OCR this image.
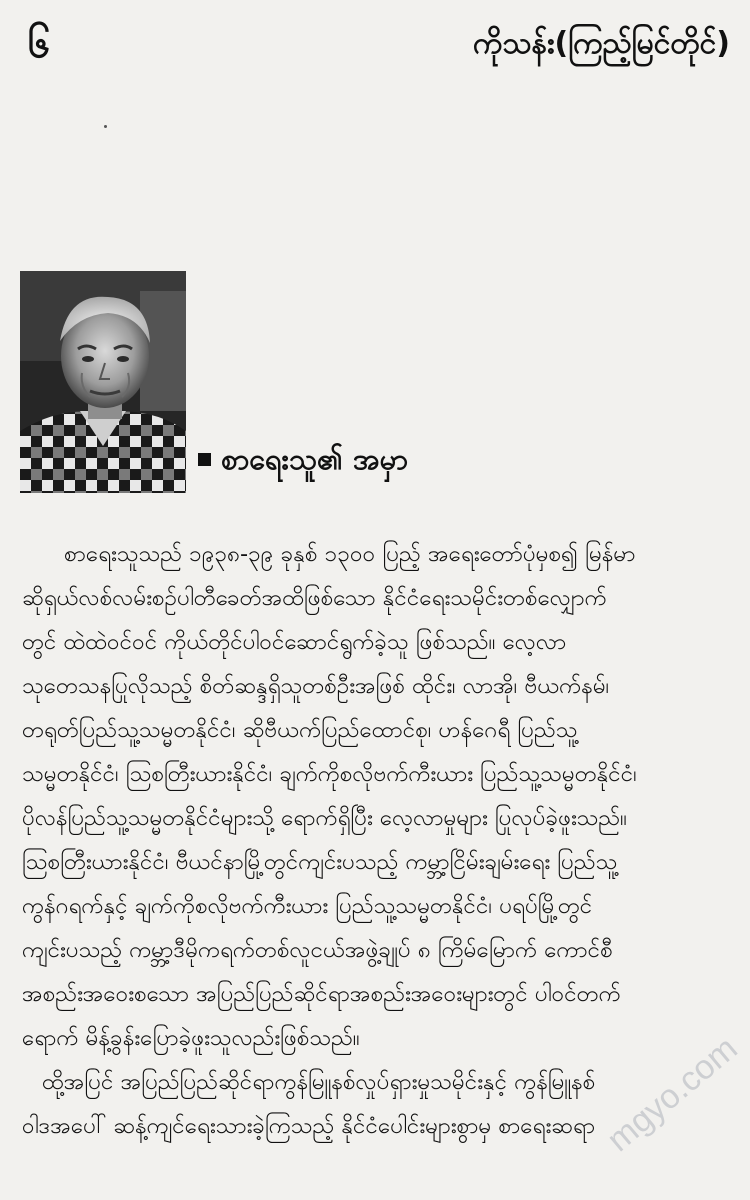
၆	ကိုသန်း(ကြည့်မြင်တိုင်)
စာရေးသူ၏ အမှာ
စာရေးသူသည် ၁၉၃၈-၃၉ ခုနှစ် ၁၃၀၀ ပြည့် အရေးတော်ပုံမှစ၍ မြန်မာ
ဆိုရှယ်လစ်လမ်းစဉ်ပါတီခေတ်အထိဖြစ်သော နိုင်ငံရေးသမိုင်းတစ်လျှောက်
တွင် ထဲထဲဝင်ဝင် ကိုယ်တိုင်ပါဝင်ဆောင်ရွက်ခဲ့သူ ဖြစ်သည်။ လေ့လာ
သုတေသနပြုလိုသည့် စိတ်ဆန္ဒရှိသူတစ်ဦးအဖြစ် ထိုင်း၊ လာအို၊ ဗီယက်နမ်၊
တရုတ်ပြည်သူ့သမ္မတနိုင်ငံ၊ ဆိုဗီယက်ပြည်ထောင်စု၊ ဟန်ဂေရီ ပြည်သူ့
သမ္မတနိုင်ငံ၊ ဩစတြီးယားနိုင်ငံ၊ ချက်ကိုစလိုဗက်ကီးယား ပြည်သူ့သမ္မတနိုင်ငံ၊
ပိုလန်ပြည်သူ့သမ္မတနိုင်ငံများသို့ ရောက်ရှိပြီး လေ့လာမှုများ ပြုလုပ်ခဲ့ဖူးသည်။
ဩစတြီးယားနိုင်ငံ၊ ဗီယင်နာမြို့တွင်ကျင်းပသည့် ကမ္ဘာ့ငြိမ်းချမ်းရေး ပြည်သူ့
ကွန်ဂရက်နှင့် ချက်ကိုစလိုဗက်ကီးယား ပြည်သူ့သမ္မတနိုင်ငံ၊ ပရပ်မြို့တွင်
ကျင်းပသည့် ကမ္ဘာ့ဒီမိုကရက်တစ်လူငယ်အဖွဲ့ချုပ် ၈ ကြိမ်မြောက် ကောင်စီ
အစည်းအဝေးစသော အပြည်ပြည်ဆိုင်ရာအစည်းအဝေးများတွင် ပါဝင်တက်
ရောက် မိန့်ခွန်းပြောခဲ့ဖူးသူလည်းဖြစ်သည်။
ထို့အပြင် အပြည်ပြည်ဆိုင်ရာကွန်မြူနစ်လှုပ်ရှားမှုသမိုင်းနှင့် ကွန်မြူနစ်
ဝါဒအပေါ် ဆန့်ကျင်ရေးသားခဲ့ကြသည့် နိုင်ငံပေါင်းများစွာမှ စာရေးဆရာ mgyo.com
